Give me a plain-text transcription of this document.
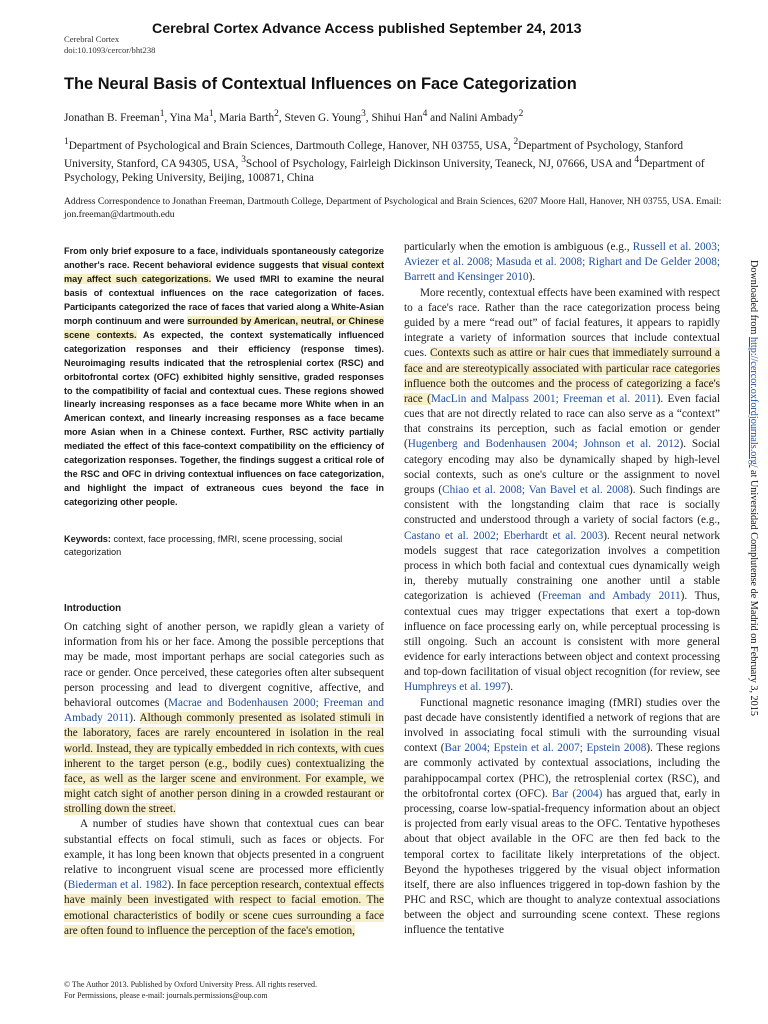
Cerebral Cortex Advance Access published September 24, 2013
Cerebral Cortex
doi:10.1093/cercor/bht238
The Neural Basis of Contextual Influences on Face Categorization
Jonathan B. Freeman$^1$, Yina Ma$^1$, Maria Barth$^2$, Steven G. Young$^3$, Shihui Han$^4$ and Nalini Ambady$^2$
$^1$Department of Psychological and Brain Sciences, Dartmouth College, Hanover, NH 03755, USA, $^2$Department of Psychology, Stanford University, Stanford, CA 94305, USA, $^3$School of Psychology, Fairleigh Dickinson University, Teaneck, NJ, 07666, USA and $^4$Department of Psychology, Peking University, Beijing, 100871, China
Address Correspondence to Jonathan Freeman, Dartmouth College, Department of Psychological and Brain Sciences, 6207 Moore Hall, Hanover, NH 03755, USA. Email: jon.freeman@dartmouth.edu
From only brief exposure to a face, individuals spontaneously categorize another's race. Recent behavioral evidence suggests that visual context may affect such categorizations. We used fMRI to examine the neural basis of contextual influences on the race categorization of faces. Participants categorized the race of faces that varied along a White-Asian morph continuum and were surrounded by American, neutral, or Chinese scene contexts. As expected, the context systematically influenced categorization responses and their efficiency (response times). Neuroimaging results indicated that the retrosplenial cortex (RSC) and orbitofrontal cortex (OFC) exhibited highly sensitive, graded responses to the compatibility of facial and contextual cues. These regions showed linearly increasing responses as a face became more White when in an American context, and linearly increasing responses as a face became more Asian when in a Chinese context. Further, RSC activity partially mediated the effect of this face-context compatibility on the efficiency of categorization responses. Together, the findings suggest a critical role of the RSC and OFC in driving contextual influences on face categorization, and highlight the impact of extraneous cues beyond the face in categorizing other people.
Keywords: context, face processing, fMRI, scene processing, social categorization
Introduction

On catching sight of another person, we rapidly glean a variety of information from his or her face. Among the possible perceptions that may be made, most important perhaps are social categories such as race or gender. Once perceived, these categories often alter subsequent person processing and lead to divergent cognitive, affective, and behavioral outcomes (Macrae and Bodenhausen 2000; Freeman and Ambady 2011). Although commonly presented as isolated stimuli in the laboratory, faces are rarely encountered in isolation in the real world. Instead, they are typically embedded in rich contexts, with cues inherent to the target person (e.g., bodily cues) contextualizing the face, as well as the larger scene and environment. For example, we might catch sight of another person dining in a crowded restaurant or strolling down the street.

A number of studies have shown that contextual cues can bear substantial effects on focal stimuli, such as faces or objects. For example, it has long been known that objects presented in a congruent relative to incongruent visual scene are processed more efficiently (Biederman et al. 1982). In face perception research, contextual effects have mainly been investigated with respect to facial emotion. The emotional characteristics of bodily or scene cues surrounding a face are often found to influence the perception of the face's emotion,

particularly when the emotion is ambiguous (e.g., Russell et al. 2003; Aviezer et al. 2008; Masuda et al. 2008; Righart and De Gelder 2008; Barrett and Kensinger 2010).

More recently, contextual effects have been examined with respect to a face's race. Rather than the race categorization process being guided by a mere “read out” of facial features, it appears to rapidly integrate a variety of information sources that include contextual cues. Contexts such as attire or hair cues that immediately surround a face and are stereotypically associated with particular race categories influence both the outcomes and the process of categorizing a face's race (MacLin and Malpass 2001; Freeman et al. 2011). Even facial cues that are not directly related to race can also serve as a “context” that constrains its perception, such as facial emotion or gender (Hugenberg and Bodenhausen 2004; Johnson et al. 2012). Social category encoding may also be dynamically shaped by high-level social contexts, such as one's culture or the assignment to novel groups (Chiao et al. 2008; Van Bavel et al. 2008). Such findings are consistent with the longstanding claim that race is socially constructed and understood through a variety of social factors (e.g., Castano et al. 2002; Eberhardt et al. 2003). Recent neural network models suggest that race categorization involves a competition process in which both facial and contextual cues dynamically weigh in, thereby mutually constraining one another until a stable categorization is achieved (Freeman and Ambady 2011). Thus, contextual cues may trigger expectations that exert a top-down influence on face processing early on, while perceptual processing is still ongoing. Such an account is consistent with more general evidence for early interactions between object and context processing and top-down facilitation of visual object recognition (for review, see Humphreys et al. 1997).

Functional magnetic resonance imaging (fMRI) studies over the past decade have consistently identified a network of regions that are involved in associating focal stimuli with the surrounding visual context (Bar 2004; Epstein et al. 2007; Epstein 2008). These regions are commonly activated by contextual associations, including the parahippocampal cortex (PHC), the retrosplenial cortex (RSC), and the orbitofrontal cortex (OFC). Bar (2004) has argued that, early in processing, coarse low-spatial-frequency information about an object is projected from early visual areas to the OFC. Tentative hypotheses about that object available in the OFC are then fed back to the temporal cortex to facilitate likely interpretations of the object. Beyond the hypotheses triggered by the visual object information itself, there are also influences triggered in top-down fashion by the PHC and RSC, which are thought to analyze contextual associations between the object and surrounding scene context. These regions influence the tentative

© The Author 2013. Published by Oxford University Press. All rights reserved.
For Permissions, please e-mail: journals.permissions@oup.com
Downloaded from http://cercor.oxfordjournals.org/ at Universidad Complutense de Madrid on February 3, 2015
